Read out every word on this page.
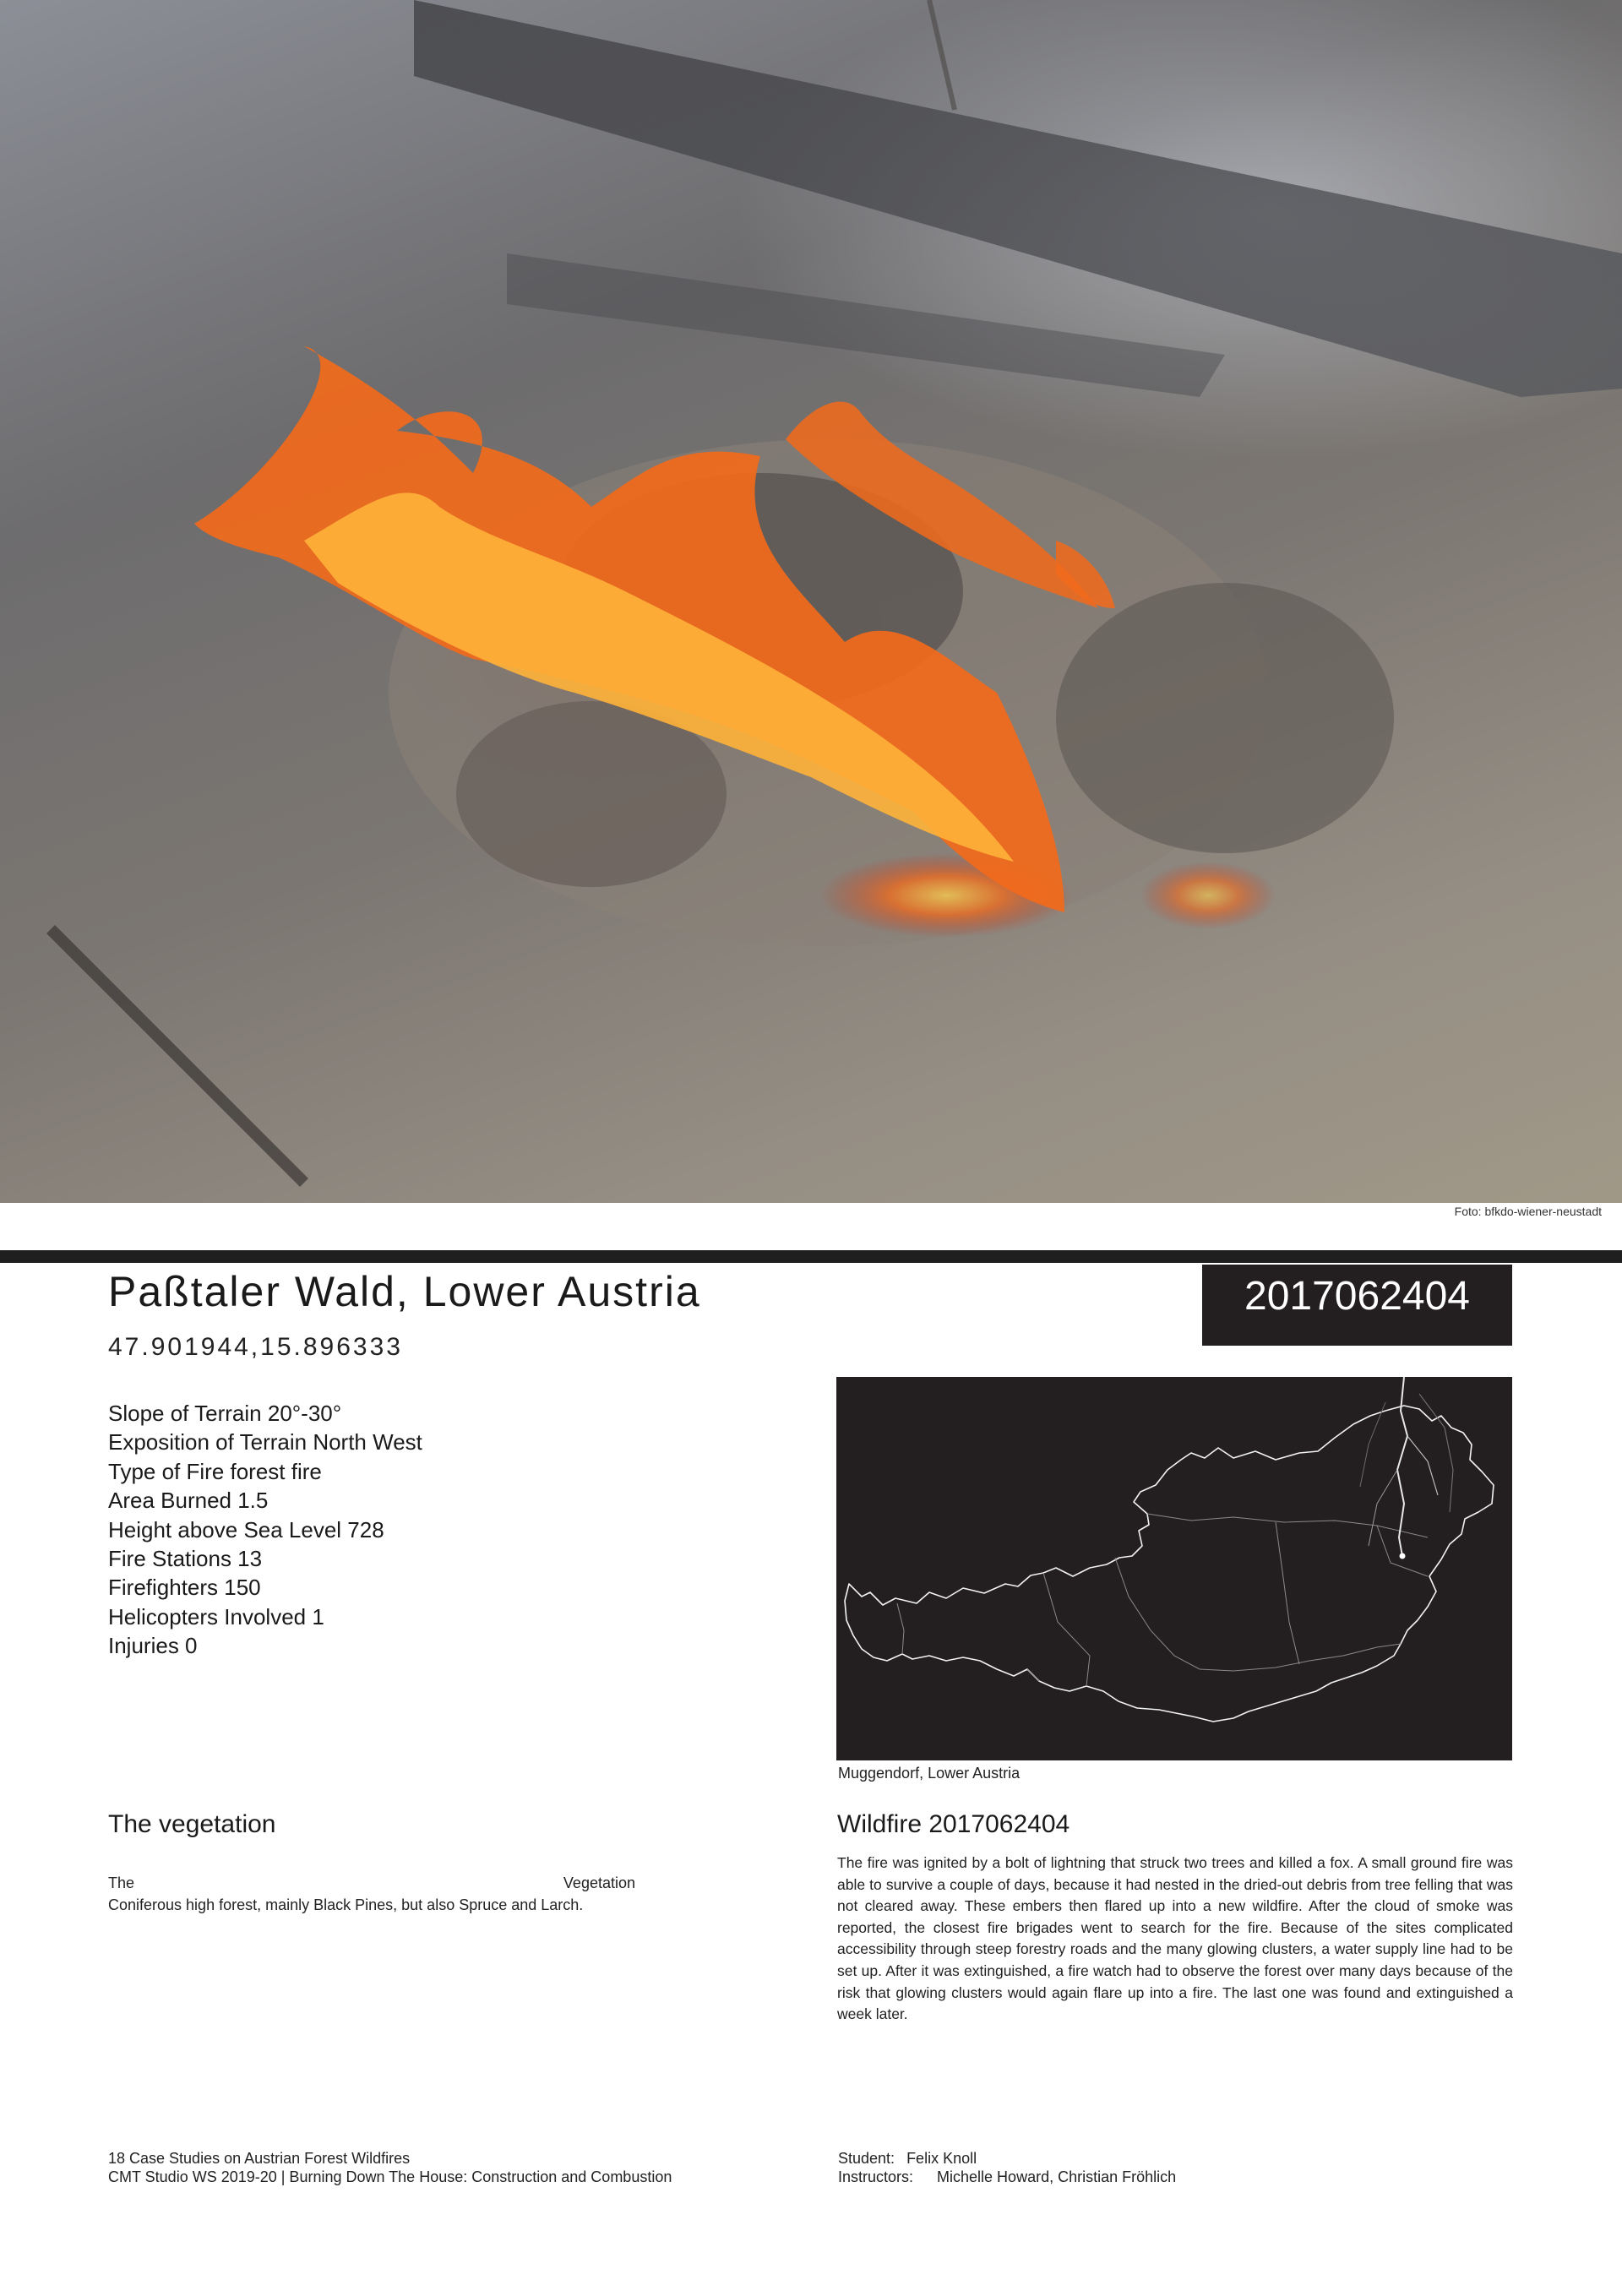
Foto: bfkdo-wiener-neustadt
Paßtaler Wald, Lower Austria
47.901944,15.896333
2017062404
Slope of Terrain 20°-30°
Exposition of Terrain North West
Type of Fire forest fire
Area Burned 1.5
Height above Sea Level 728
Fire Stations 13
Firefighters 150
Helicopters Involved 1
Injuries 0
Muggendorf, Lower Austria
The vegetation
The	Vegetation
Coniferous high forest, mainly Black Pines, but also Spruce and Larch.
Wildfire 2017062404
The fire was ignited by a bolt of lightning that struck two trees and killed a fox. A small ground fire was able to survive a couple of days, because it had nested in the dried-out debris from tree felling that was not cleared away. These embers then flared up into a new wildfire. After the cloud of smoke was reported, the closest fire brigades went to search for the fire. Because of the sites complicated accessibility through steep forestry roads and the many glowing clusters, a water supply line had to be set up. After it was extinguished, a fire watch had to observe the forest over many days because of the risk that glowing clusters would again flare up into a fire. The last one was found and extinguished a week later.
18 Case Studies on Austrian Forest Wildfires
CMT Studio WS 2019-20 | Burning Down The House: Construction and Combustion
Student: Felix Knoll
Instructors: Michelle Howard, Christian Fröhlich
